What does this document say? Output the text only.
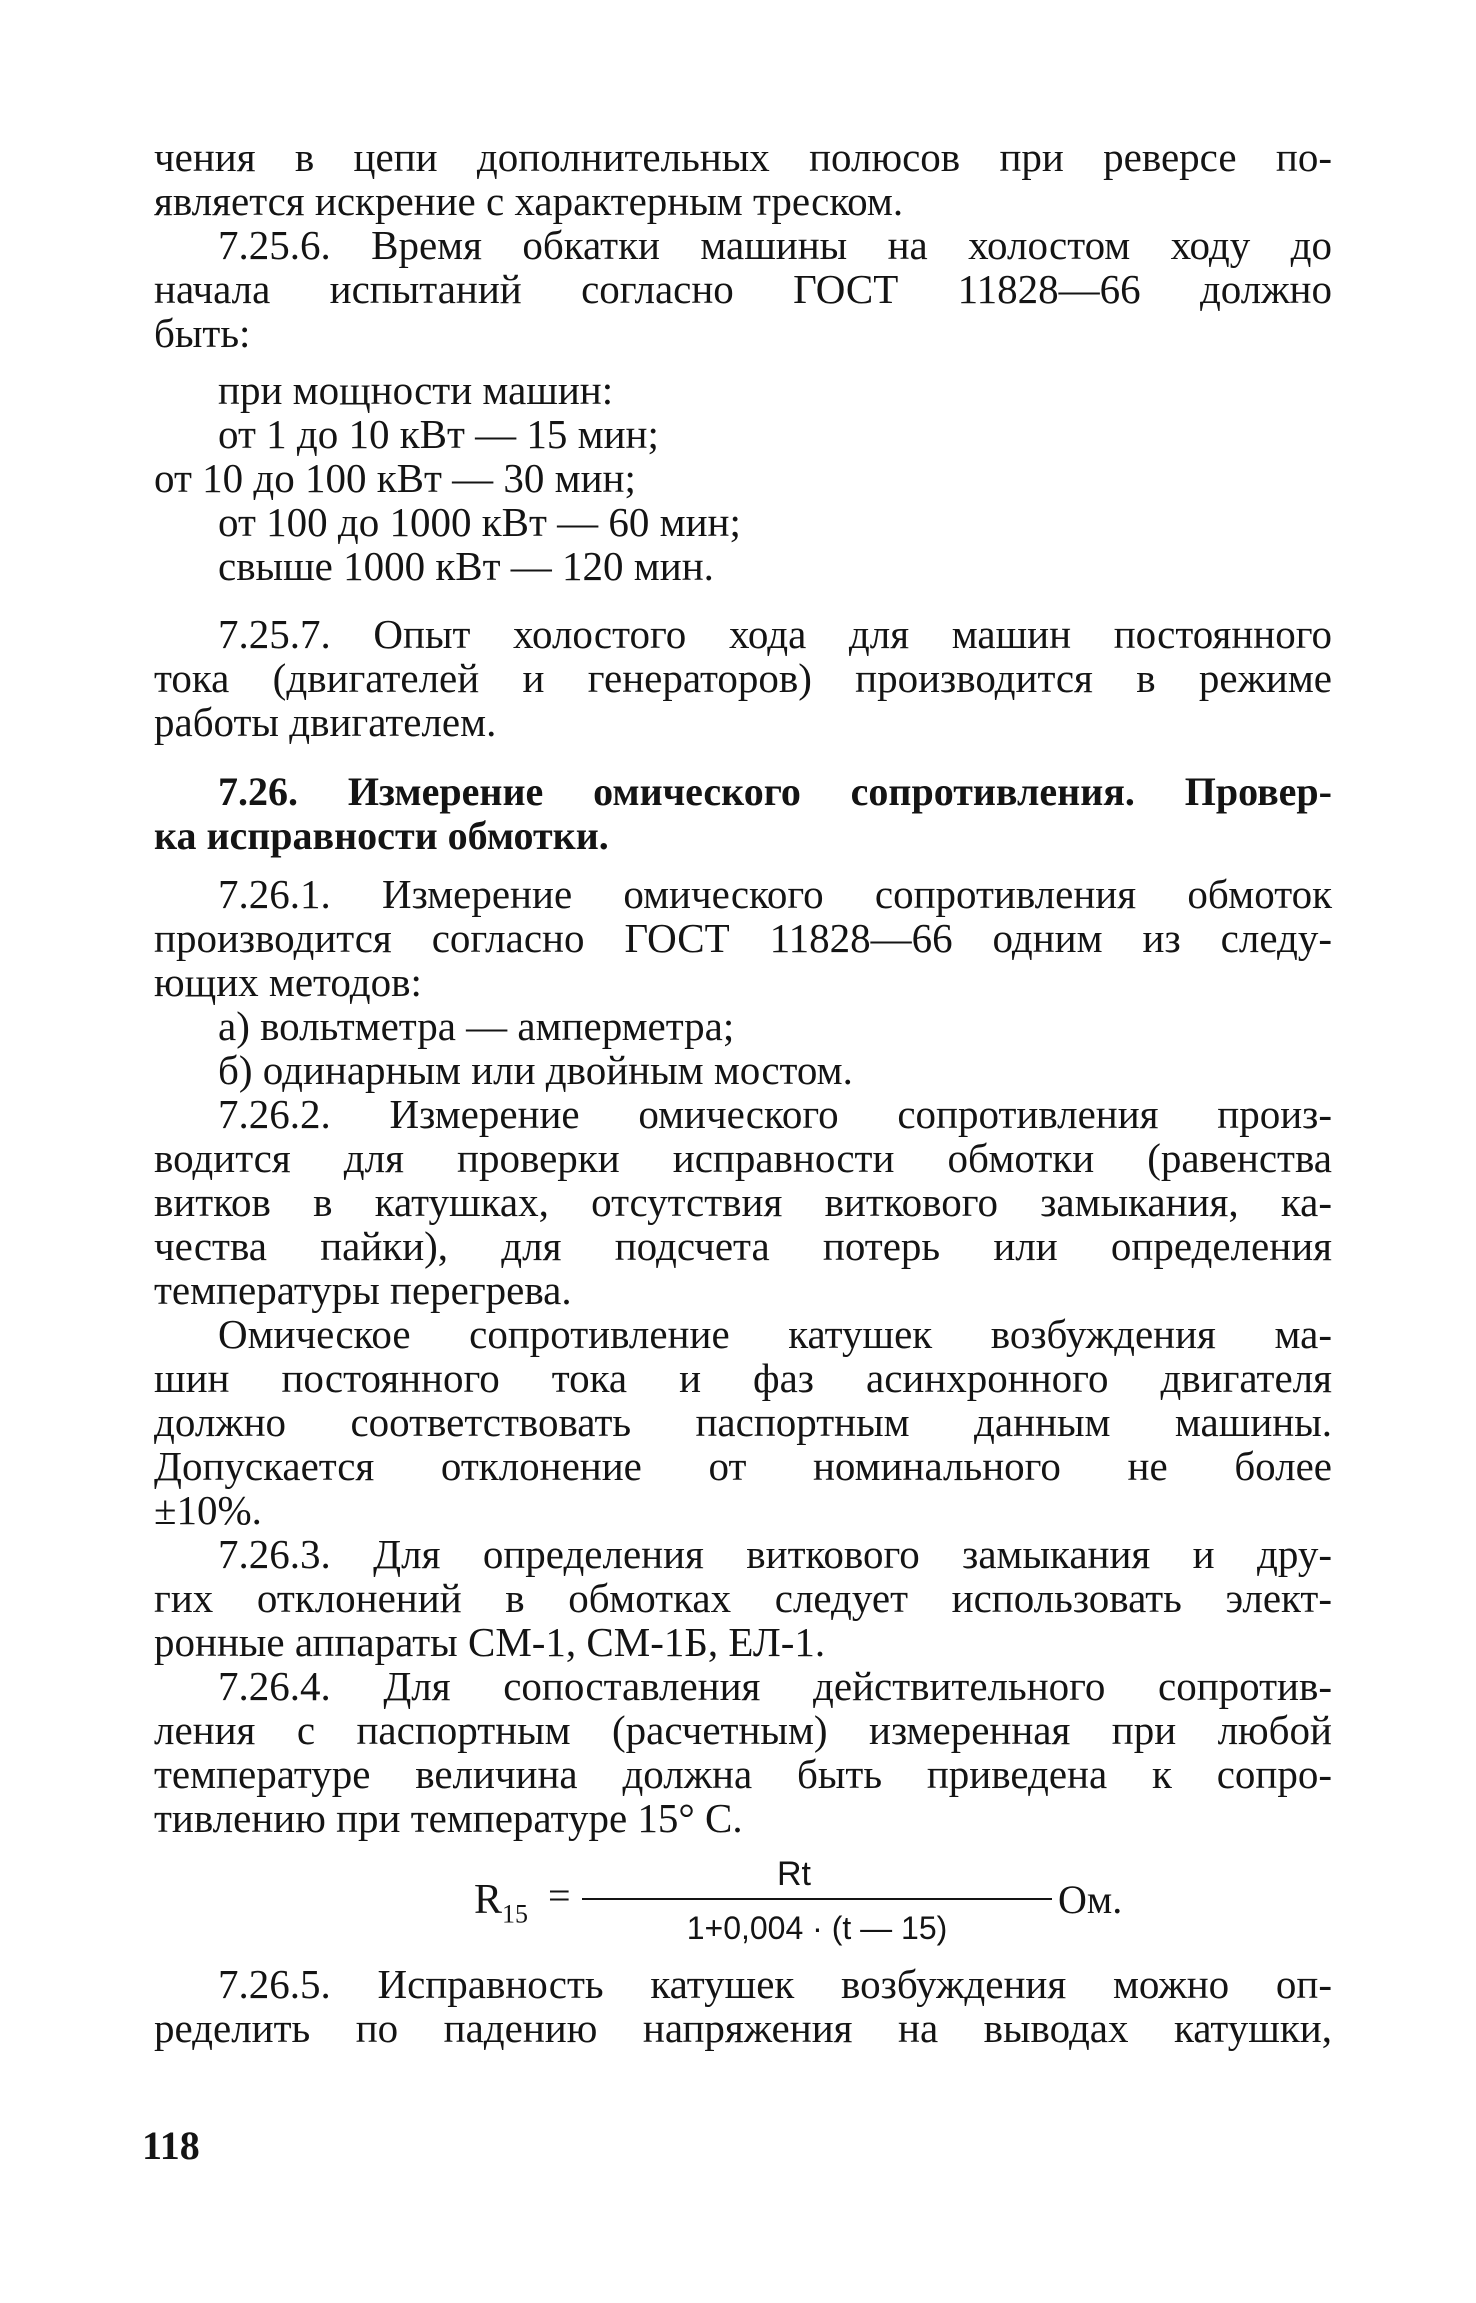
чения в цепи дополнительных полюсов при реверсе по-

является искрение с характерным треском.

7.25.6. Время обкатки машины на холостом ходу до

начала испытаний согласно ГОСТ 11828—66 должно

быть:

при мощности машин:

от 1 до 10 кВт — 15 мин;

от 10 до 100 кВт — 30 мин;

от 100 до 1000 кВт — 60 мин;

свыше 1000 кВт — 120 мин.

7.25.7. Опыт холостого хода для машин постоянного

тока (двигателей и генераторов) производится в режиме

работы двигателем.

7.26. Измерение омического сопротивления. Провер-

ка исправности обмотки.

7.26.1. Измерение омического сопротивления обмоток

производится согласно ГОСТ 11828—66 одним из следу-

ющих методов:

а) вольтметра — амперметра;

б) одинарным или двойным мостом.

7.26.2. Измерение омического сопротивления произ-

водится для проверки исправности обмотки (равенства

витков в катушках, отсутствия виткового замыкания, ка-

чества пайки), для подсчета потерь или определения

температуры перегрева.

Омическое сопротивление катушек возбуждения ма-

шин постоянного тока и фаз асинхронного двигателя

должно соответствовать паспортным данным машины.

Допускается отклонение от номинального не более

±10%.

7.26.3. Для определения виткового замыкания и дру-

гих отклонений в обмотках следует использовать элект-

ронные аппараты СМ-1, СМ-1Б, ЕЛ-1.

7.26.4. Для сопоставления действительного сопротив-

ления с паспортным (расчетным) измеренная при любой

температуре величина должна быть приведена к сопро-

тивлению при температуре 15° С.

$R_{15}$ =	Rt
1+0,004 · (t — 15)
Ом.

7.26.5. Исправность катушек возбуждения можно оп-

ределить по падению напряжения на выводах катушки,

118
